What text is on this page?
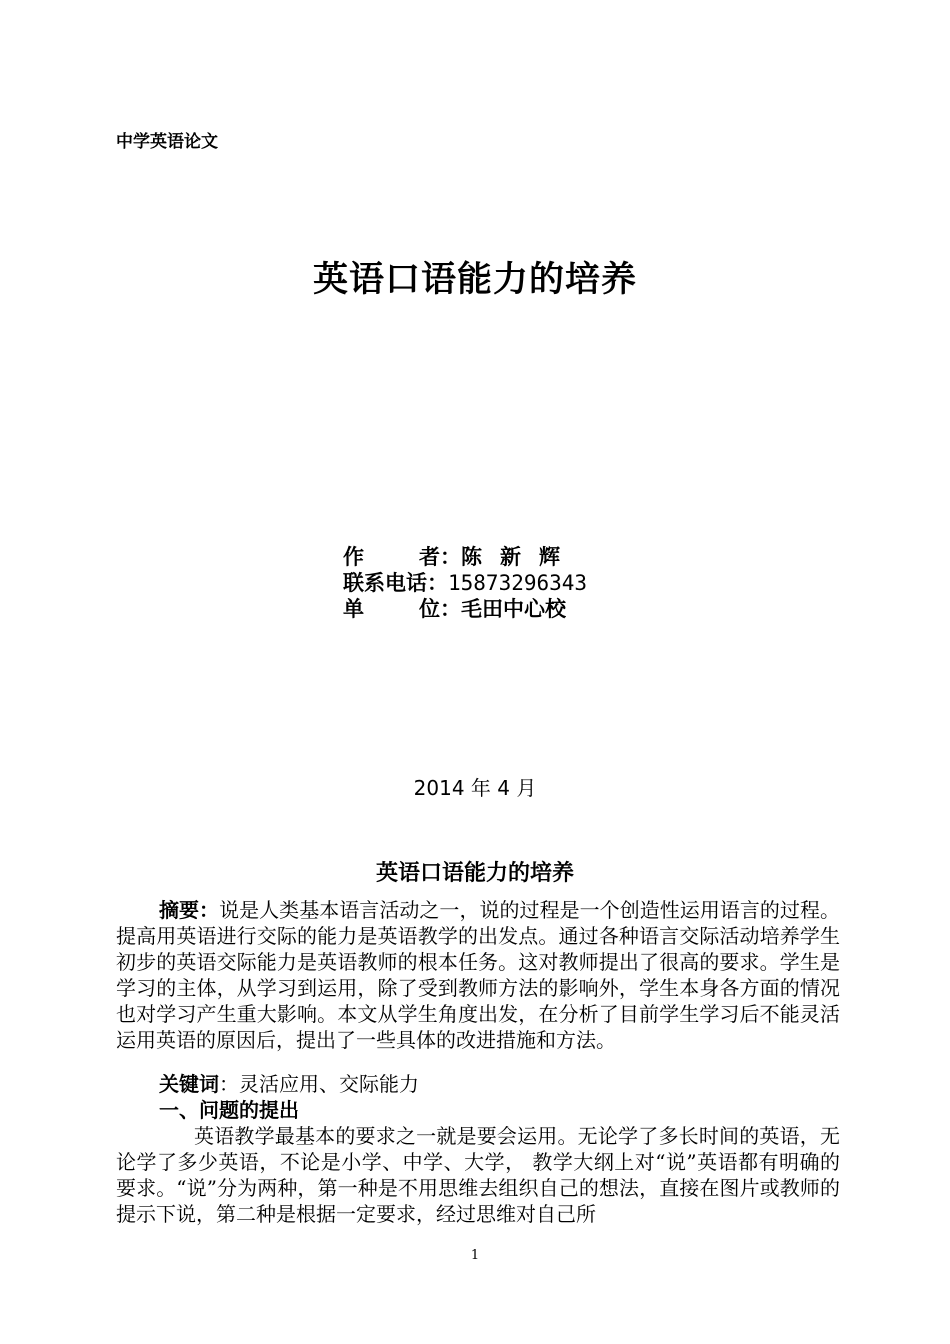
中学英语论文
英语口语能力的培养
作	者： 陈新辉
联系电话： 15873296343
单	位： 毛田中心校
2014 年 4 月
英语口语能力的培养
摘要：说是人类基本语言活动之一，说的过程是一个创造性运用语言的过程。提高用英语进行交际的能力是英语教学的出发点。通过各种语言交际活动培养学生初步的英语交际能力是英语教师的根本任务。这对教师提出了很高的要求。学生是学习的主体，从学习到运用，除了受到教师方法的影响外，学生本身各方面的情况也对学习产生重大影响。本文从学生角度出发，在分析了目前学生学习后不能灵活运用英语的原因后，提出了一些具体的改进措施和方法。
关键词：灵活应用、交际能力
一、问题的提出
英语教学最基本的要求之一就是要会运用。无论学了多长时间的英语，无论学了多少英语，不论是小学、中学、大学， 教学大纲上对“说”英语都有明确的要求。“说”分为两种，第一种是不用思维去组织自己的想法，直接在图片或教师的提示下说，第二种是根据一定要求，经过思维对自己所
1
